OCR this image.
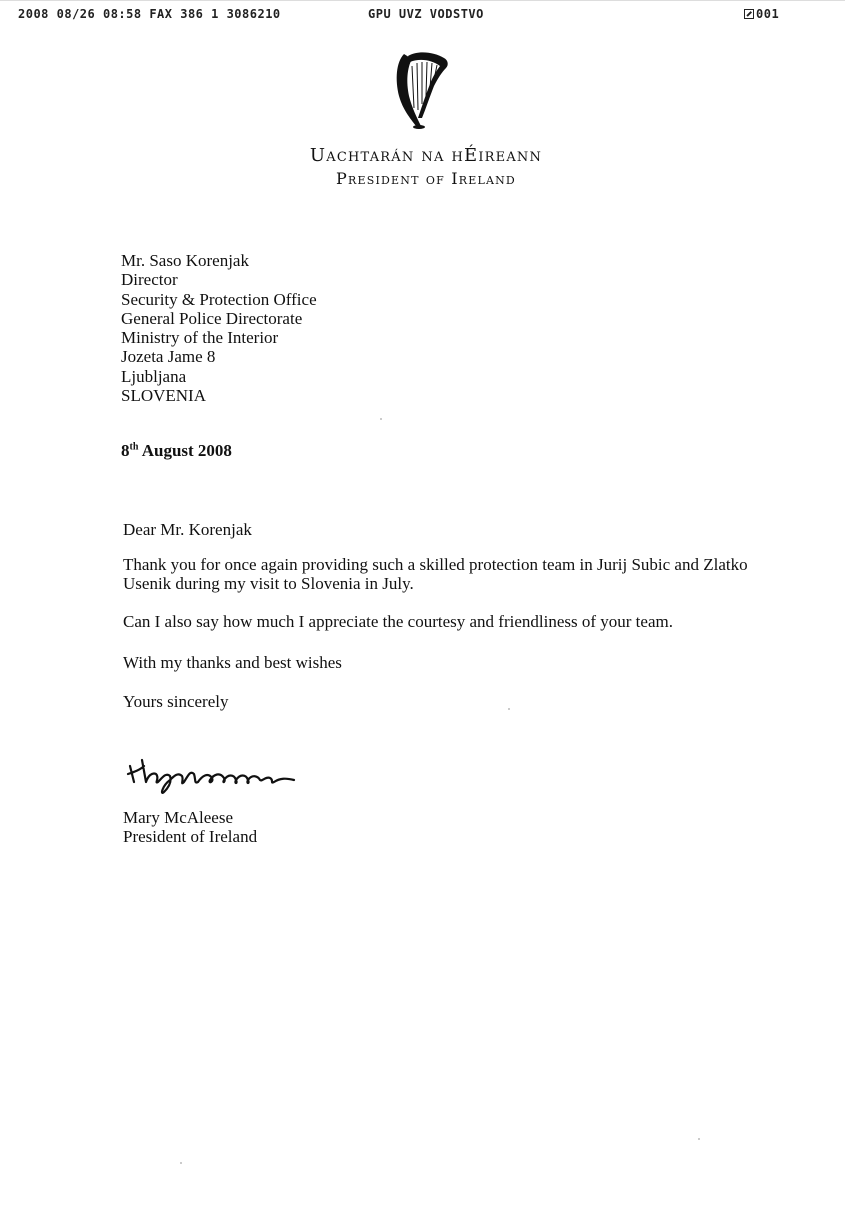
2008 08/26 08:58 FAX 386 1 3086210	GPU UVZ VODSTVO	001
Uachtarán na hÉireann
President of Ireland
Mr. Saso Korenjak
Director
Security & Protection Office
General Police Directorate
Ministry of the Interior
Jozeta Jame 8
Ljubljana
SLOVENIA
8th August 2008
Dear Mr. Korenjak
Thank you for once again providing such a skilled protection team in Jurij Subic and Zlatko Usenik during my visit to Slovenia in July.
Can I also say how much I appreciate the courtesy and friendliness of your team.
With my thanks and best wishes
Yours sincerely
Mary McAleese
President of Ireland
